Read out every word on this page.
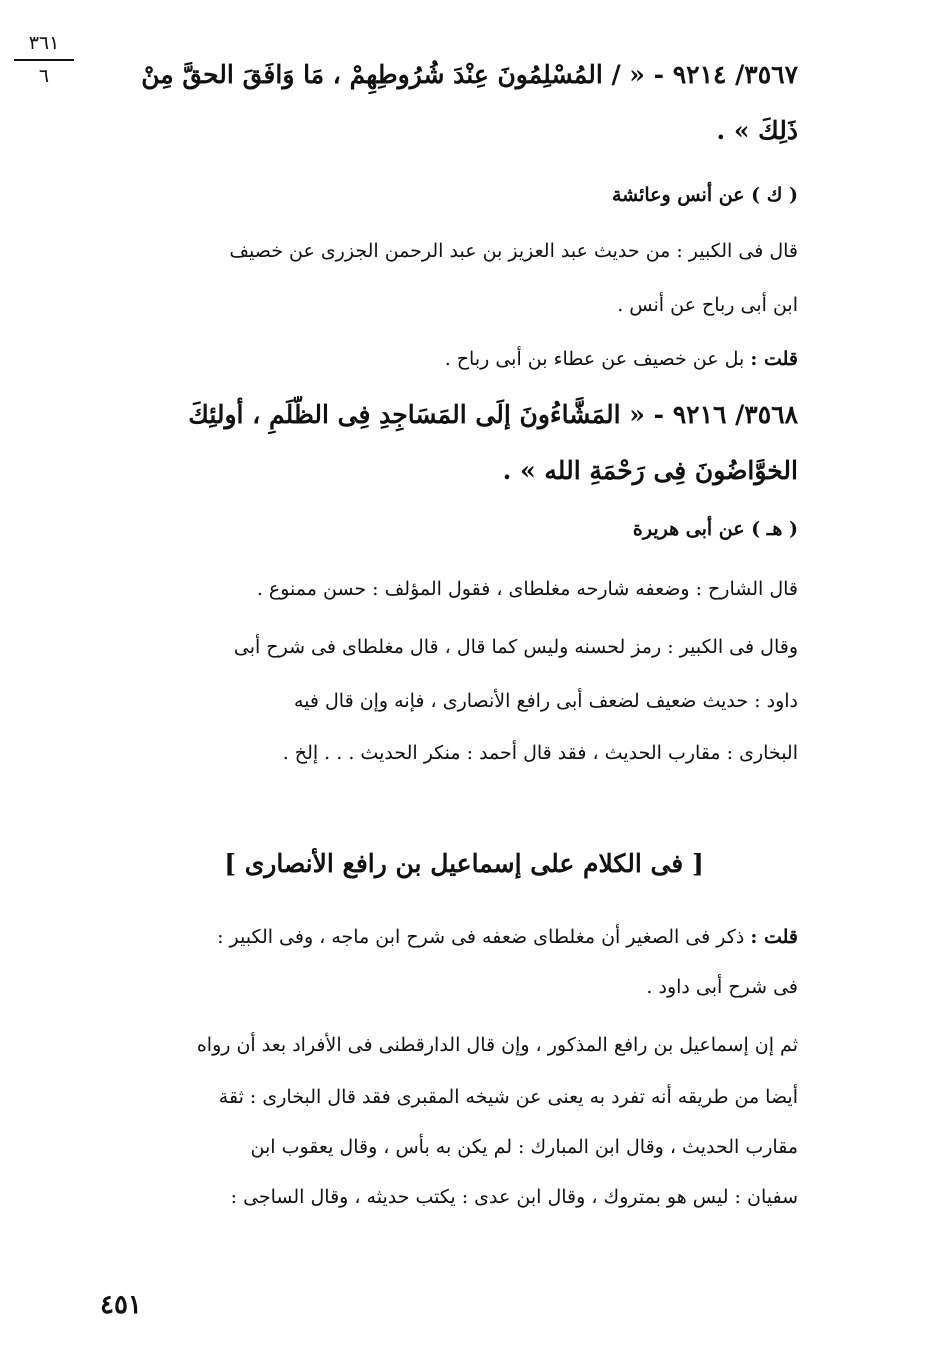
٣٦١
٦	٣٥٦٧/ ٩٢١٤ - « / المُسْلِمُونَ عِنْدَ شُرُوطِهِمْ ، مَا وَافَقَ الحقَّ مِنْ
ذَلِكَ » .
( ك ) عن أنس وعائشة
قال فى الكبير : من حديث عبد العزيز بن عبد الرحمن الجزرى عن خصيف
ابن أبى رباح عن أنس .
قلت : بل عن خصيف عن عطاء بن أبى رباح .
٣٥٦٨/ ٩٢١٦ - « المَشَّاءُونَ إلَى المَسَاجِدِ فِى الظُّلَمِ ، أولئِكَ
الخوَّاضُونَ فِى رَحْمَةِ الله » .
( هـ ) عن أبى هريرة
قال الشارح : وضعفه شارحه مغلطاى ، فقول المؤلف : حسن ممنوع .
وقال فى الكبير : رمز لحسنه وليس كما قال ، قال مغلطاى فى شرح أبى
داود : حديث ضعيف لضعف أبى رافع الأنصارى ، فإنه وإن قال فيه
البخارى : مقارب الحديث ، فقد قال أحمد : منكر الحديث . . . إلخ .
[ فى الكلام على إسماعيل بن رافع الأنصارى ]
قلت : ذكر فى الصغير أن مغلطاى ضعفه فى شرح ابن ماجه ، وفى الكبير :
فى شرح أبى داود .
ثم إن إسماعيل بن رافع المذكور ، وإن قال الدارقطنى فى الأفراد بعد أن رواه
أيضا من طريقه أنه تفرد به يعنى عن شيخه المقبرى فقد قال البخارى : ثقة
مقارب الحديث ، وقال ابن المبارك : لم يكن به بأس ، وقال يعقوب ابن
سفيان : ليس هو بمتروك ، وقال ابن عدى : يكتب حديثه ، وقال الساجى :
٤٥١
